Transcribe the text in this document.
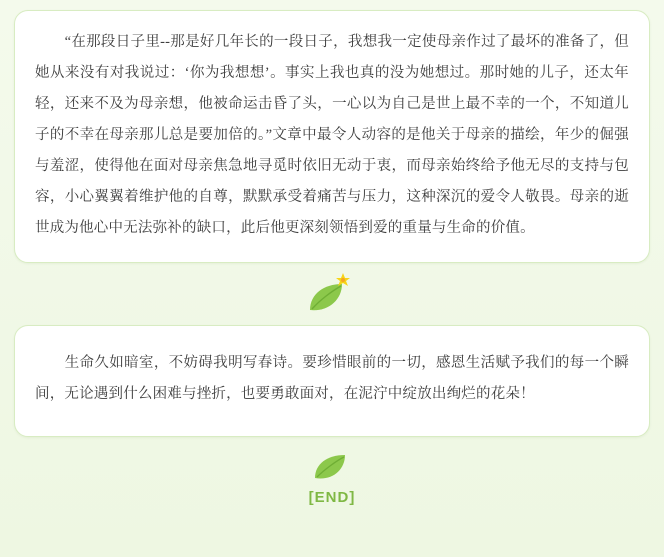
　　“在那段日子里--那是好几年长的一段日子，我想我一定使母亲作过了最坏的准备了，但她从来没有对我说过：‘你为我想想’。事实上我也真的没为她想过。那时她的儿子，还太年轻，还来不及为母亲想，他被命运击昏了头，一心以为自己是世上最不幸的一个，不知道儿子的不幸在母亲那儿总是要加倍的。”文章中最令人动容的是他关于母亲的描绘，年少的倔强与羞涩，使得他在面对母亲焦急地寻觅时依旧无动于衷，而母亲始终给予他无尽的支持与包容，小心翼翼着维护他的自尊，默默承受着痛苦与压力，这种深沉的爱令人敬畏。母亲的逝世成为他心中无法弥补的缺口，此后他更深刻领悟到爱的重量与生命的价值。

　　生命久如暗室，不妨碍我明写春诗。要珍惜眼前的一切，感恩生活赋予我们的每一个瞬间，无论遇到什么困难与挫折，也要勇敢面对，在泥泞中绽放出绚烂的花朵！

[END]
